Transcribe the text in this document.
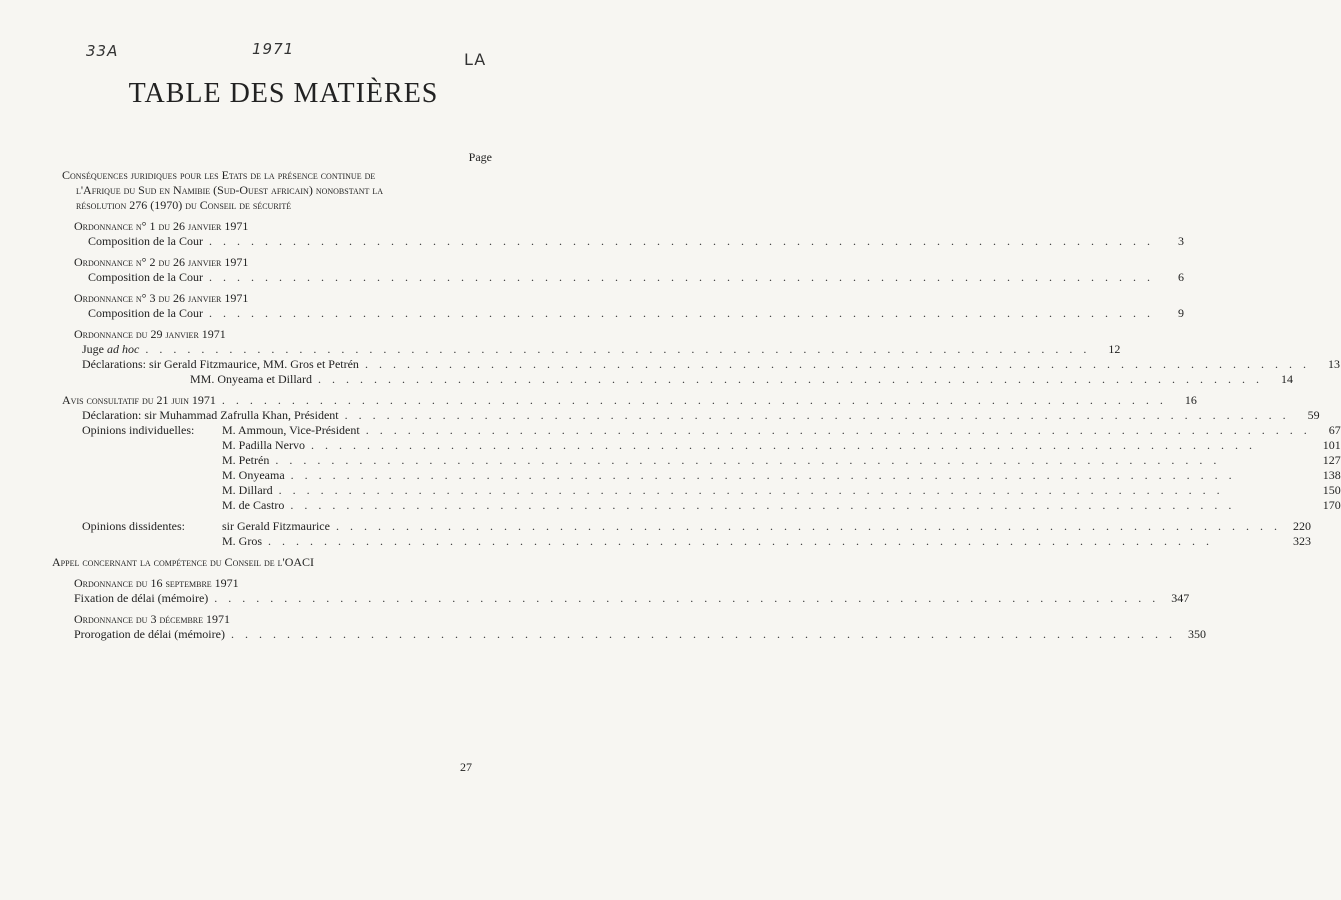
33A	1971
LA
TABLE DES MATIÈRES
Page
Conséquences juridiques pour les Etats de la présence continue de
l'Afrique du Sud en Namibie (Sud-Ouest africain) nonobstant la
résolution 276 (1970) du Conseil de sécurité
Ordonnance n° 1 du 26 janvier 1971
Composition de la Cour . . .	3
Ordonnance n° 2 du 26 janvier 1971
Composition de la Cour . . .	6
Ordonnance n° 3 du 26 janvier 1971
Composition de la Cour . . .	9
Ordonnance du 29 janvier 1971
Juge ad hoc . . .	12
Déclarations: sir Gerald Fitzmaurice, MM. Gros et Petrén . . .	13
MM. Onyeama et Dillard . . .	14
Avis consultatif du 21 juin 1971 . . .	16
Déclaration: sir Muhammad Zafrulla Khan, Président . . .	59
Opinions individuelles:	M. Ammoun, Vice-Président . . .	67
M. Padilla Nervo . . .	101
M. Petrén . . .	127
M. Onyeama . . .	138
M. Dillard . . .	150
M. de Castro . . .	170
Opinions dissidentes:	sir Gerald Fitzmaurice . . .	220
M. Gros . . .	323
Appel concernant la compétence du Conseil de l'OACI
Ordonnance du 16 septembre 1971
Fixation de délai (mémoire) . . .	347
Ordonnance du 3 décembre 1971
Prorogation de délai (mémoire) . . .	350
27
